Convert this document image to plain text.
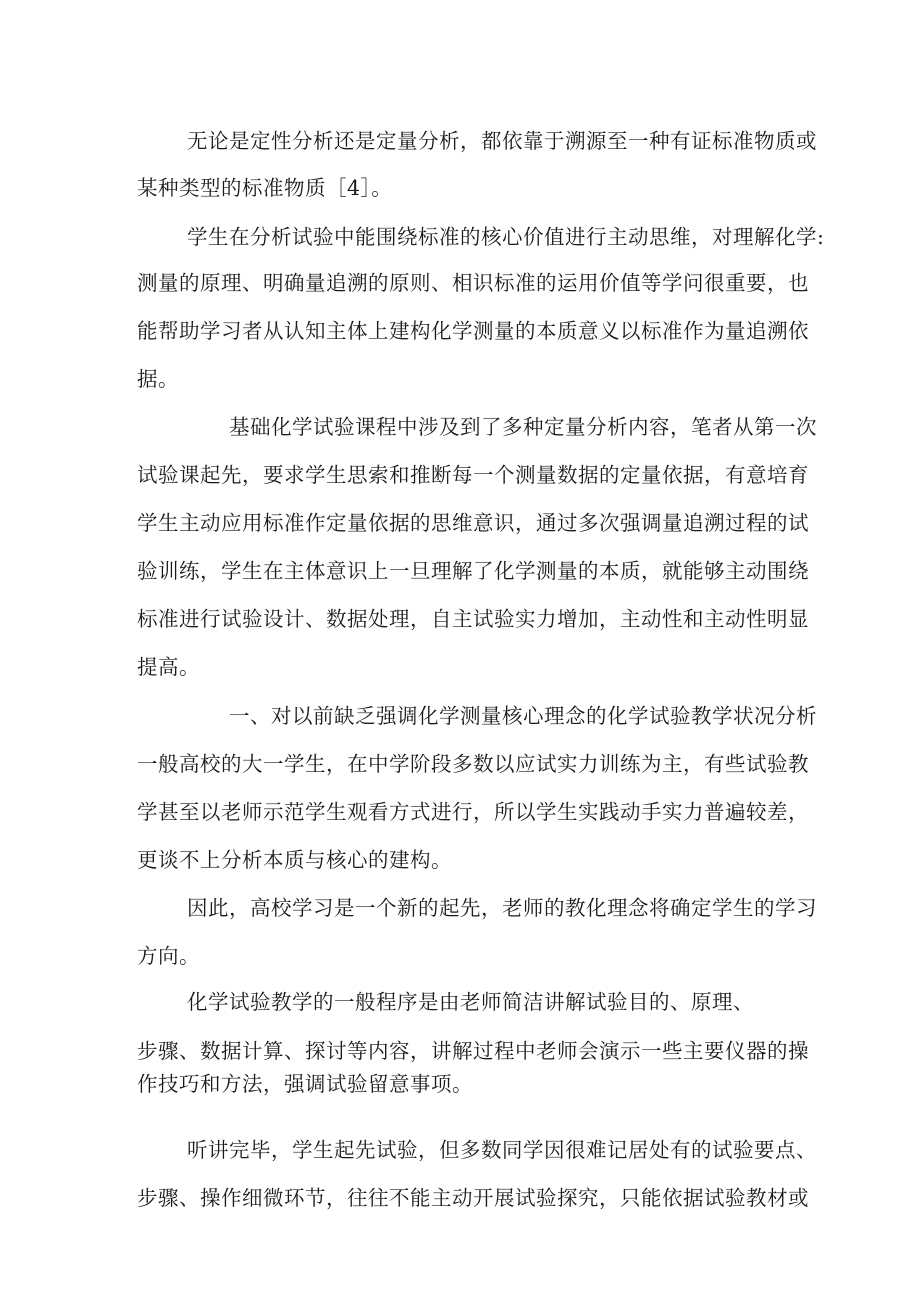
无论是定性分析还是定量分析，都依靠于溯源至一种有证标准物质或
某种类型的标准物质［4］。
学生在分析试验中能围绕标准的核心价值进行主动思维，对理解化学:
测量的原理、明确量追溯的原则、相识标准的运用价值等学问很重要，也
能帮助学习者从认知主体上建构化学测量的本质意义以标准作为量追溯依
据。
基础化学试验课程中涉及到了多种定量分析内容，笔者从第一次
试验课起先，要求学生思索和推断每一个测量数据的定量依据，有意培育
学生主动应用标准作定量依据的思维意识，通过多次强调量追溯过程的试
验训练，学生在主体意识上一旦理解了化学测量的本质，就能够主动围绕
标准进行试验设计、数据处理，自主试验实力增加，主动性和主动性明显
提高。
一、对以前缺乏强调化学测量核心理念的化学试验教学状况分析
一般高校的大一学生，在中学阶段多数以应试实力训练为主，有些试验教
学甚至以老师示范学生观看方式进行，所以学生实践动手实力普遍较差，
更谈不上分析本质与核心的建构。
因此，高校学习是一个新的起先，老师的教化理念将确定学生的学习
方向。
化学试验教学的一般程序是由老师简洁讲解试验目的、原理、
步骤、数据计算、探讨等内容，讲解过程中老师会演示一些主要仪器的操
作技巧和方法，强调试验留意事项。
听讲完毕，学生起先试验，但多数同学因很难记居处有的试验要点、
步骤、操作细微环节，往往不能主动开展试验探究，只能依据试验教材或
